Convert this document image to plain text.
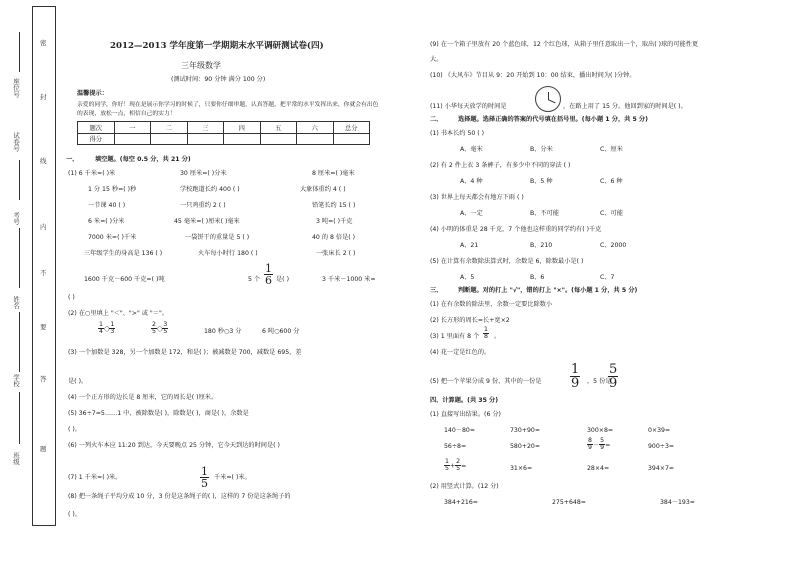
密
封
线
内
不
要
答
题
座位号
试卷号
考号
姓名
学校
班级
2012—2013 学年度第一学期期末水平调研测试卷(四)
三年级数学
(测试时间：90 分钟 满分 100 分)
温馨提示：
亲爱的同学，你好！现在是展示你学习的时候了，只要你仔细审题，认真答题，把平常的水平发挥出来，你就会有出色的表现，放松一点，相信自己的实力！
题次	一	二	三	四	五	六	总分
得分							
一、	填空题。(每空 0.5 分，共 21 分)
(1) 6 千米=( )米	30 厘米=( )分米	8 厘米=( )毫米
1 分 15 秒=( )秒	学校跑道长约 400 ( )	大象体重约 4 ( )
一节课 40 ( )	一只鸡重约 2 ( )	铅笔长约 15 ( )
6 米=( )分米	45 毫米=( )厘米( )毫米	3 吨=( )千克
7000 米=( )千米	一袋饼干的重量是 5 ( )	40 的 8 倍是( )
三年级学生的身高是 136 ( )	火车每小时行 180 ( )	一张床长 2 ( )
1600 千克－600 千克=( )吨	5 个 $\frac{1}{6}$ 是( )	3 千米－1000 米=
( )
(2) 在○里填上 "＜"、">" 或 "＝"。
$\frac{1}{4}$ ○ $\frac{1}{3}$	$\frac{2}{5}$ ○ $\frac{3}{5}$	180 秒○3 分	6 吨○600 分
(3) 一个加数是 328，另一个加数是 172，和是( )；被减数是 700，减数是 695，差
是( )。
(4) 一个正方形的边长是 8 厘米，它的周长是( )厘米。
(5) 36÷7=5……1 中，被除数是( )，除数是( )，商是( )，余数是
( )。
(6) 一列火车本应 11:20 到达，今天要晚点 25 分钟，它今天到达的时间是( )
(7) 1 千米=( )米。	$\frac{1}{5}$ 千米=( )米。
(8) 把一条绳子平均分成 10 分，3 份是这条绳子的( )，这样的 7 份是这条绳子的
( )。
(9) 在一个箱子里放有 20 个蓝色球，12 个红色球，从箱子里任意取出一个，取出( )球的可能性更
大。
(10) 《大风车》节目从 9：20 开始到 10：00 结束，播出时间为( )分钟。
(11) 小华每天放学的时间是	，在路上用了 15 分。他回到家的时间是( )。
二、	选择题。选择正确的答案的代号填在括号里。(每小题 1 分，共 5 分)
(1) 书本长约 50 ( )
A、毫米	B、分米	C、厘米
(2) 有 2 件上衣 3 条裤子，有多少中不同的穿法 ( )
A、4 种	B、5 种	C、6 种
(3) 世界上每天都会有地方下雨 ( )
A、一定	B、不可能	C、可能
(4) 小明的体重是 28 千克，7 个他也这样重的同学约有( )千克
A、21	B、210	C、2000
(5) 在计算有余数除法算式时，余数是 6，除数最小是( )
A、5	B、6	C、7
三、	判断题。对的打上 "√"，错的打上 "×"。(每小题 1 分，共 5 分)
(1) 在有余数的除法里，余数一定要比除数小
(2) 长方形的周长=长+宽×2
(3) 1 里面有 8 个 $\frac{1}{8}$ 。
(4) 花一定是红色的。
(5) 把一个苹果分成 9 份，其中的一份是 $\frac{1}{9}$ ，5 份是
$\frac{5}{9}$
四、计算题。(共 35 分)
(1) 直接写出结果。(6 分)
140－80=	730+90=	300×8=	0×39=
56÷8=	580+20=	$\frac{8}{9} - \frac{5}{9}$ =	900÷3=
$\frac{1}{5} + \frac{2}{5}$ =	31×6≈	28×4≈	394×7≈
(2) 用竖式计算。(12 分)
384+216=	275+648=	384－193=
